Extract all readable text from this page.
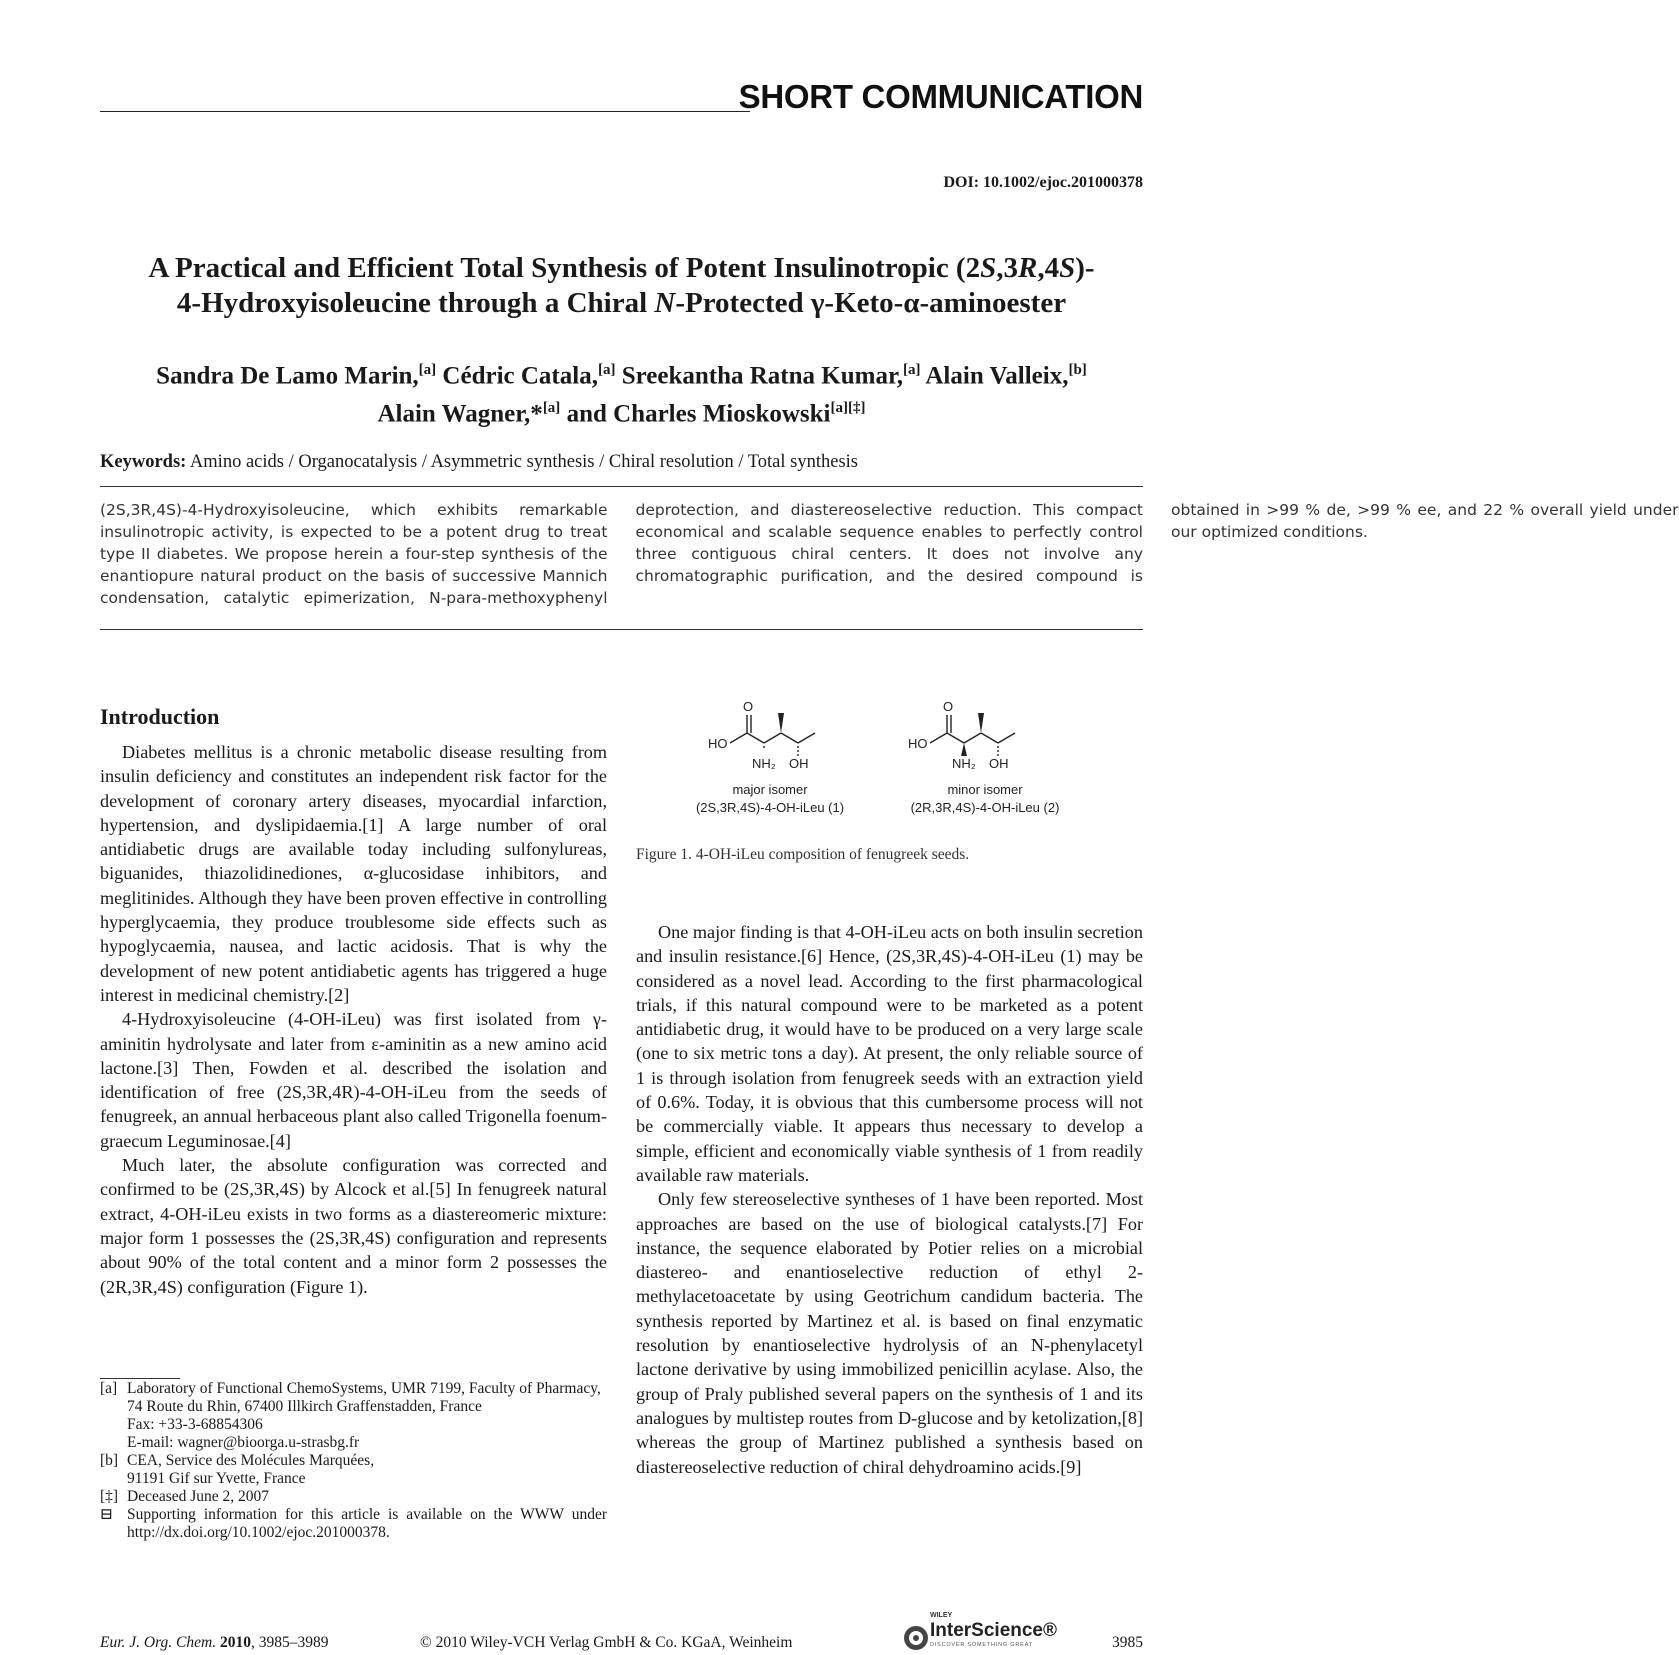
SHORT COMMUNICATION
DOI: 10.1002/ejoc.201000378
A Practical and Efficient Total Synthesis of Potent Insulinotropic (2S,3R,4S)-
4-Hydroxyisoleucine through a Chiral N-Protected γ-Keto-α-aminoester

Sandra De Lamo Marin,[a] Cédric Catala,[a] Sreekantha Ratna Kumar,[a] Alain Valleix,[b]
Alain Wagner,*[a] and Charles Mioskowski[a][‡]

Keywords: Amino acids / Organocatalysis / Asymmetric synthesis / Chiral resolution / Total synthesis

(2S,3R,4S)-4-Hydroxyisoleucine, which exhibits remarkable insulinotropic activity, is expected to be a potent drug to treat type II diabetes. We propose herein a four-step synthesis of the enantiopure natural product on the basis of successive Mannich condensation, catalytic epimerization, N-para-methoxyphenyl deprotection, and diastereoselective reduction. This compact economical and scalable sequence enables to perfectly control three contiguous chiral centers. It does not involve any chromatographic purification, and the desired compound is obtained in >99 % de, >99 % ee, and 22 % overall yield under our optimized conditions.

Introduction

Diabetes mellitus is a chronic metabolic disease resulting from insulin deficiency and constitutes an independent risk factor for the development of coronary artery diseases, myocardial infarction, hypertension, and dyslipidaemia.[1] A large number of oral antidiabetic drugs are available today including sulfonylureas, biguanides, thiazolidinediones, α-glucosidase inhibitors, and meglitinides. Although they have been proven effective in controlling hyperglycaemia, they produce troublesome side effects such as hypoglycaemia, nausea, and lactic acidosis. That is why the development of new potent antidiabetic agents has triggered a huge interest in medicinal chemistry.[2]

4-Hydroxyisoleucine (4-OH-iLeu) was first isolated from γ-aminitin hydrolysate and later from ε-aminitin as a new amino acid lactone.[3] Then, Fowden et al. described the isolation and identification of free (2S,3R,4R)-4-OH-iLeu from the seeds of fenugreek, an annual herbaceous plant also called Trigonella foenum-graecum Leguminosae.[4]

Much later, the absolute configuration was corrected and confirmed to be (2S,3R,4S) by Alcock et al.[5] In fenugreek natural extract, 4-OH-iLeu exists in two forms as a diastereomeric mixture: major form 1 possesses the (2S,3R,4S) configuration and represents about 90% of the total content and a minor form 2 possesses the (2R,3R,4S) configuration (Figure 1).

O
HO
NH₂ OH
O
HO
NH₂ OH
major isomer
(2S,3R,4S)-4-OH-iLeu (1)
minor isomer
(2R,3R,4S)-4-OH-iLeu (2)
Figure 1. 4-OH-iLeu composition of fenugreek seeds.

One major finding is that 4-OH-iLeu acts on both insulin secretion and insulin resistance.[6] Hence, (2S,3R,4S)-4-OH-iLeu (1) may be considered as a novel lead. According to the first pharmacological trials, if this natural compound were to be marketed as a potent antidiabetic drug, it would have to be produced on a very large scale (one to six metric tons a day). At present, the only reliable source of 1 is through isolation from fenugreek seeds with an extraction yield of 0.6%. Today, it is obvious that this cumbersome process will not be commercially viable. It appears thus necessary to develop a simple, efficient and economically viable synthesis of 1 from readily available raw materials.

Only few stereoselective syntheses of 1 have been reported. Most approaches are based on the use of biological catalysts.[7] For instance, the sequence elaborated by Potier relies on a microbial diastereo- and enantioselective reduction of ethyl 2-methylacetoacetate by using Geotrichum candidum bacteria. The synthesis reported by Martinez et al. is based on final enzymatic resolution by enantioselective hydrolysis of an N-phenylacetyl lactone derivative by using immobilized penicillin acylase. Also, the group of Praly published several papers on the synthesis of 1 and its analogues by multistep routes from D-glucose and by ketolization,[8] whereas the group of Martinez published a synthesis based on diastereoselective reduction of chiral dehydroamino acids.[9]

[a] Laboratory of Functional ChemoSystems, UMR 7199, Faculty of Pharmacy,
74 Route du Rhin, 67400 Illkirch Graffenstadden, France
Fax: +33-3-68854306
E-mail: wagner@bioorga.u-strasbg.fr
[b] CEA, Service des Molécules Marquées,
91191 Gif sur Yvette, France
[‡] Deceased June 2, 2007
⊟ Supporting information for this article is available on the WWW under http://dx.doi.org/10.1002/ejoc.201000378.
Eur. J. Org. Chem. 2010, 3985–3989	© 2010 Wiley-VCH Verlag GmbH & Co. KGaA, Weinheim
WILEY
InterScience®
DISCOVER SOMETHING GREAT	3985
